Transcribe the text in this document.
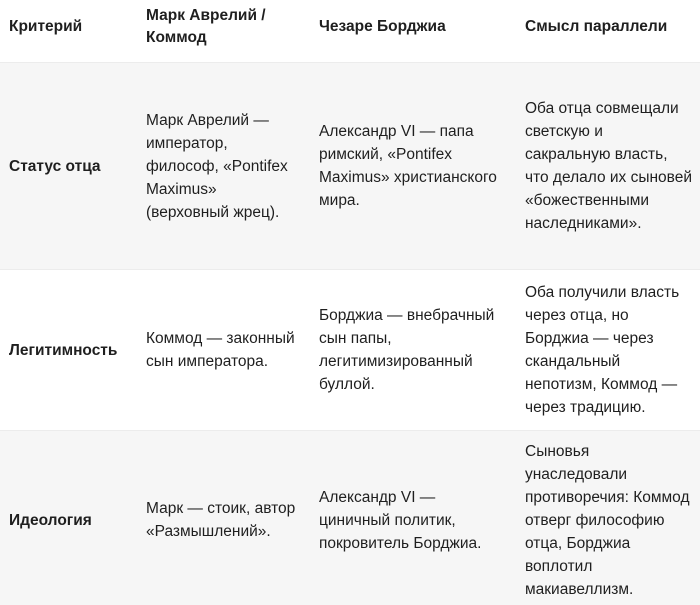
Критерий	Марк Аврелий / Коммод	Чезаре Борджиа	Смысл параллели
Статус отца	Марк Аврелий — император, философ, «Pontifex Maximus» (верховный жрец).	Александр VI — папа римский, «Pontifex Maximus» христианского мира.	Оба отца совмещали светскую и сакральную власть, что делало их сыновей «божественными наследниками».
Легитимность	Коммод — законный сын императора.	Борджиа — внебрачный сын папы, легитимизированный буллой.	Оба получили власть через отца, но Борджиа — через скандальный непотизм, Коммод — через традицию.
Идеология	Марк — стоик, автор «Размышлений».	Александр VI — циничный политик, покровитель Борджиа.	Сыновья унаследовали противоречия: Коммод отверг философию отца, Борджиа воплотил макиавеллизм.
